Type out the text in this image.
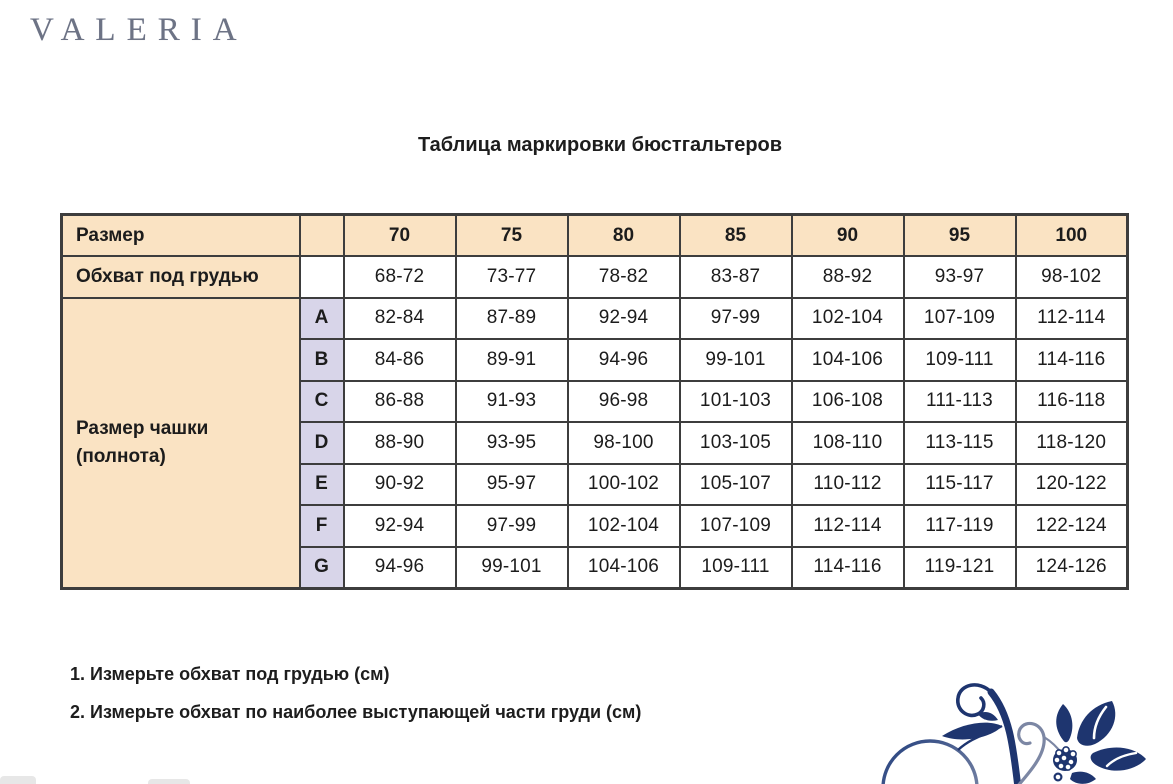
VALERIA
Таблица маркировки бюстгальтеров
Размер		70	75	80	85	90	95	100
Обхват под грудью		68-72	73-77	78-82	83-87	88-92	93-97	98-102

Размер чашки
(полнота)	A	82-84	87-89	92-94	97-99	102-104	107-109	112-114
	B	84-86	89-91	94-96	99-101	104-106	109-111	114-116
	C	86-88	91-93	96-98	101-103	106-108	111-113	116-118
	D	88-90	93-95	98-100	103-105	108-110	113-115	118-120
	E	90-92	95-97	100-102	105-107	110-112	115-117	120-122
	F	92-94	97-99	102-104	107-109	112-114	117-119	122-124
	G	94-96	99-101	104-106	109-111	114-116	119-121	124-126
1. Измерьте обхват под грудью (см)
2. Измерьте обхват по наиболее выступающей части груди (см)
